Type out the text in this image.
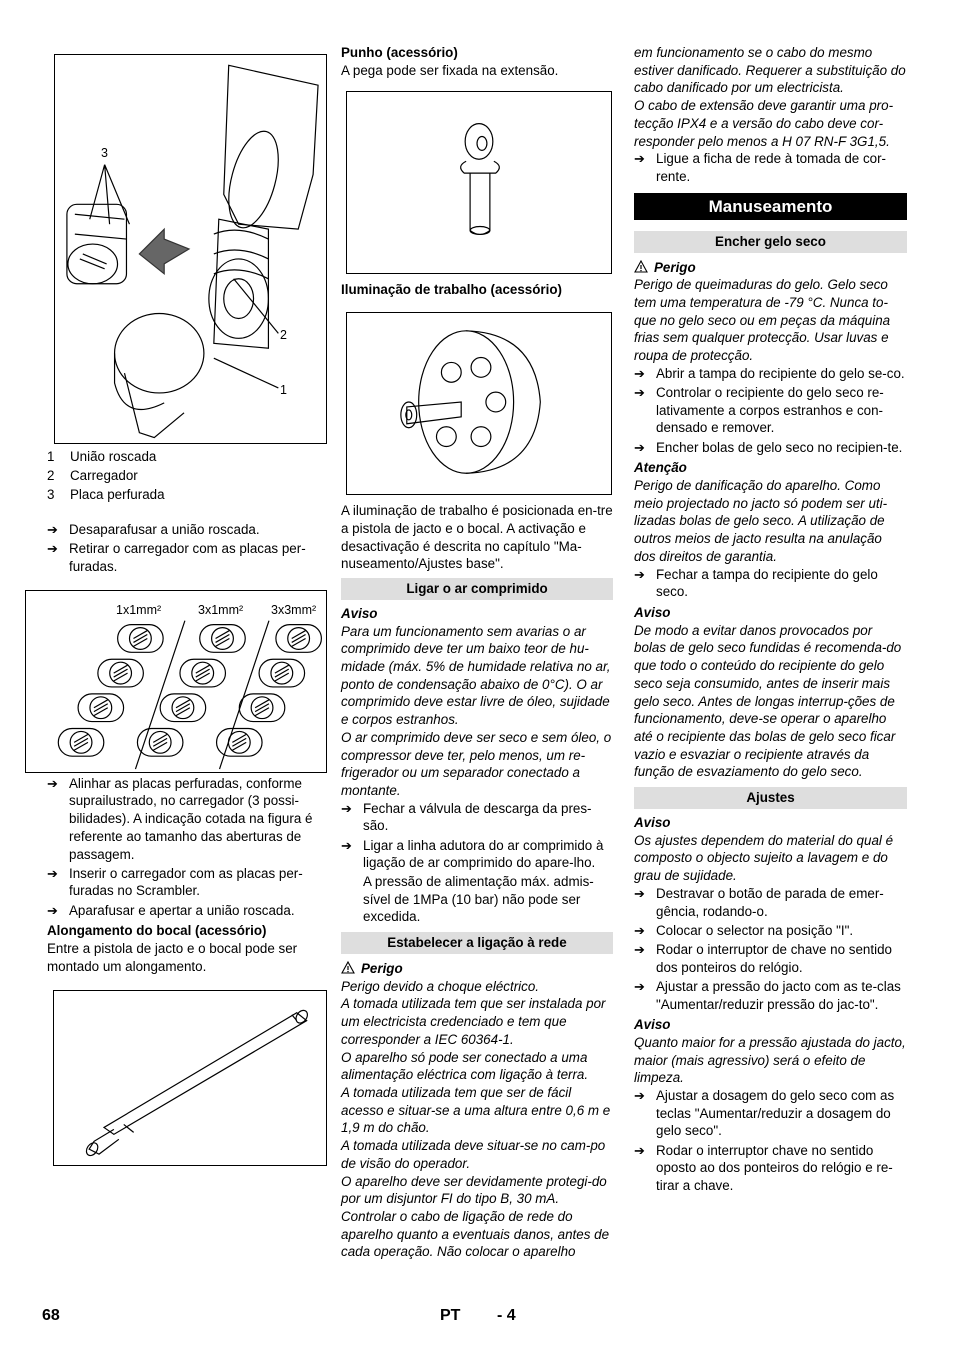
3
2
1
1	União roscada
2	Carregador
3	Placa perfurada
➔ Desaparafusar a união roscada.
➔ Retirar o carregador com as placas per-furadas.
1x1mm²	3x1mm² 3x3mm²
➔ Alinhar as placas perfuradas, conforme suprailustrado, no carregador (3 possi-bilidades). A indicação cotada na figura é referente ao tamanho das aberturas de passagem.
➔ Inserir o carregador com as placas per-furadas no Scrambler.
➔ Aparafusar e apertar a união roscada.

Alongamento do bocal (acessório)

Entre a pistola de jacto e o bocal pode ser montado um alongamento.

Punho (acessório)

A pega pode ser fixada na extensão.

Iluminação de trabalho (acessório)

A iluminação de trabalho é posicionada en-tre a pistola de jacto e o bocal. A activação e desactivação é descrita no capítulo "Ma-nuseamento/Ajustes base".

Ligar o ar comprimido

Aviso

Para um funcionamento sem avarias o ar comprimido deve ter um baixo teor de hu-midade (máx. 5% de humidade relativa no ar, ponto de condensação abaixo de 0°C). O ar comprimido deve estar livre de óleo, sujidade e corpos estranhos.
O ar comprimido deve ser seco e sem óleo, o compressor deve ter, pelo menos, um re-frigerador ou um separador conectado a montante.

➔ Fechar a válvula de descarga da pres-são.
➔ Ligar a linha adutora do ar comprimido à ligação de ar comprimido do apare-lho.

A pressão de alimentação máx. admis-sível de 1MPa (10 bar) não pode ser excedida.

Estabelecer a ligação à rede

Perigo

Perigo devido a choque eléctrico.
A tomada utilizada tem que ser instalada por um electricista credenciado e tem que corresponder a IEC 60364-1.
O aparelho só pode ser conectado a uma alimentação eléctrica com ligação à terra.
A tomada utilizada tem que ser de fácil acesso e situar-se a uma altura entre 0,6 m e 1,9 m do chão.
A tomada utilizada deve situar-se no cam-po de visão do operador.
O aparelho deve ser devidamente protegi-do por um disjuntor FI do tipo B, 30 mA.
Controlar o cabo de ligação de rede do aparelho quanto a eventuais danos, antes de cada operação. Não colocar o aparelho

em funcionamento se o cabo do mesmo estiver danificado. Requerer a substituição do cabo danificado por um electricista.
O cabo de extensão deve garantir uma pro-tecção IPX4 e a versão do cabo deve cor-responder pelo menos a H 07 RN-F 3G1,5.

➔ Ligue a ficha de rede à tomada de cor-rente.
Manuseamento
Encher gelo seco

Perigo

Perigo de queimaduras do gelo. Gelo seco tem uma temperatura de -79 °C. Nunca to-que no gelo seco ou em peças da máquina frias sem qualquer protecção. Usar luvas e roupa de protecção.

➔ Abrir a tampa do recipiente do gelo se-co.
➔ Controlar o recipiente do gelo seco re-lativamente a corpos estranhos e con-densado e remover.
➔ Encher bolas de gelo seco no recipien-te.

Atenção

Perigo de danificação do aparelho. Como meio projectado no jacto só podem ser uti-lizadas bolas de gelo seco. A utilização de outros meios de jacto resulta na anulação dos direitos de garantia.

➔ Fechar a tampa do recipiente do gelo seco.

Aviso

De modo a evitar danos provocados por bolas de gelo seco fundidas é recomenda-do que todo o conteúdo do recipiente do gelo seco seja consumido, antes de inserir mais gelo seco. Antes de longas interrup-ções de funcionamento, deve-se operar o aparelho até o recipiente das bolas de gelo seco ficar vazio e esvaziar o recipiente através da função de esvaziamento do gelo seco.

Ajustes

Aviso

Os ajustes dependem do material do qual é composto o objecto sujeito a lavagem e do grau de sujidade.

➔ Destravar o botão de parada de emer-gência, rodando-o.
➔ Colocar o selector na posição "I".
➔ Rodar o interruptor de chave no sentido dos ponteiros do relógio.
➔ Ajustar a pressão do jacto com as te-clas "Aumentar/reduzir pressão do jac-to".

Aviso

Quanto maior for a pressão ajustada do jacto, maior (mais agressivo) será o efeito de limpeza.

➔ Ajustar a dosagem do gelo seco com as teclas "Aumentar/reduzir a dosagem do gelo seco".
➔ Rodar o interruptor chave no sentido oposto ao dos ponteiros do relógio e re-tirar a chave.
68	PT - 4
